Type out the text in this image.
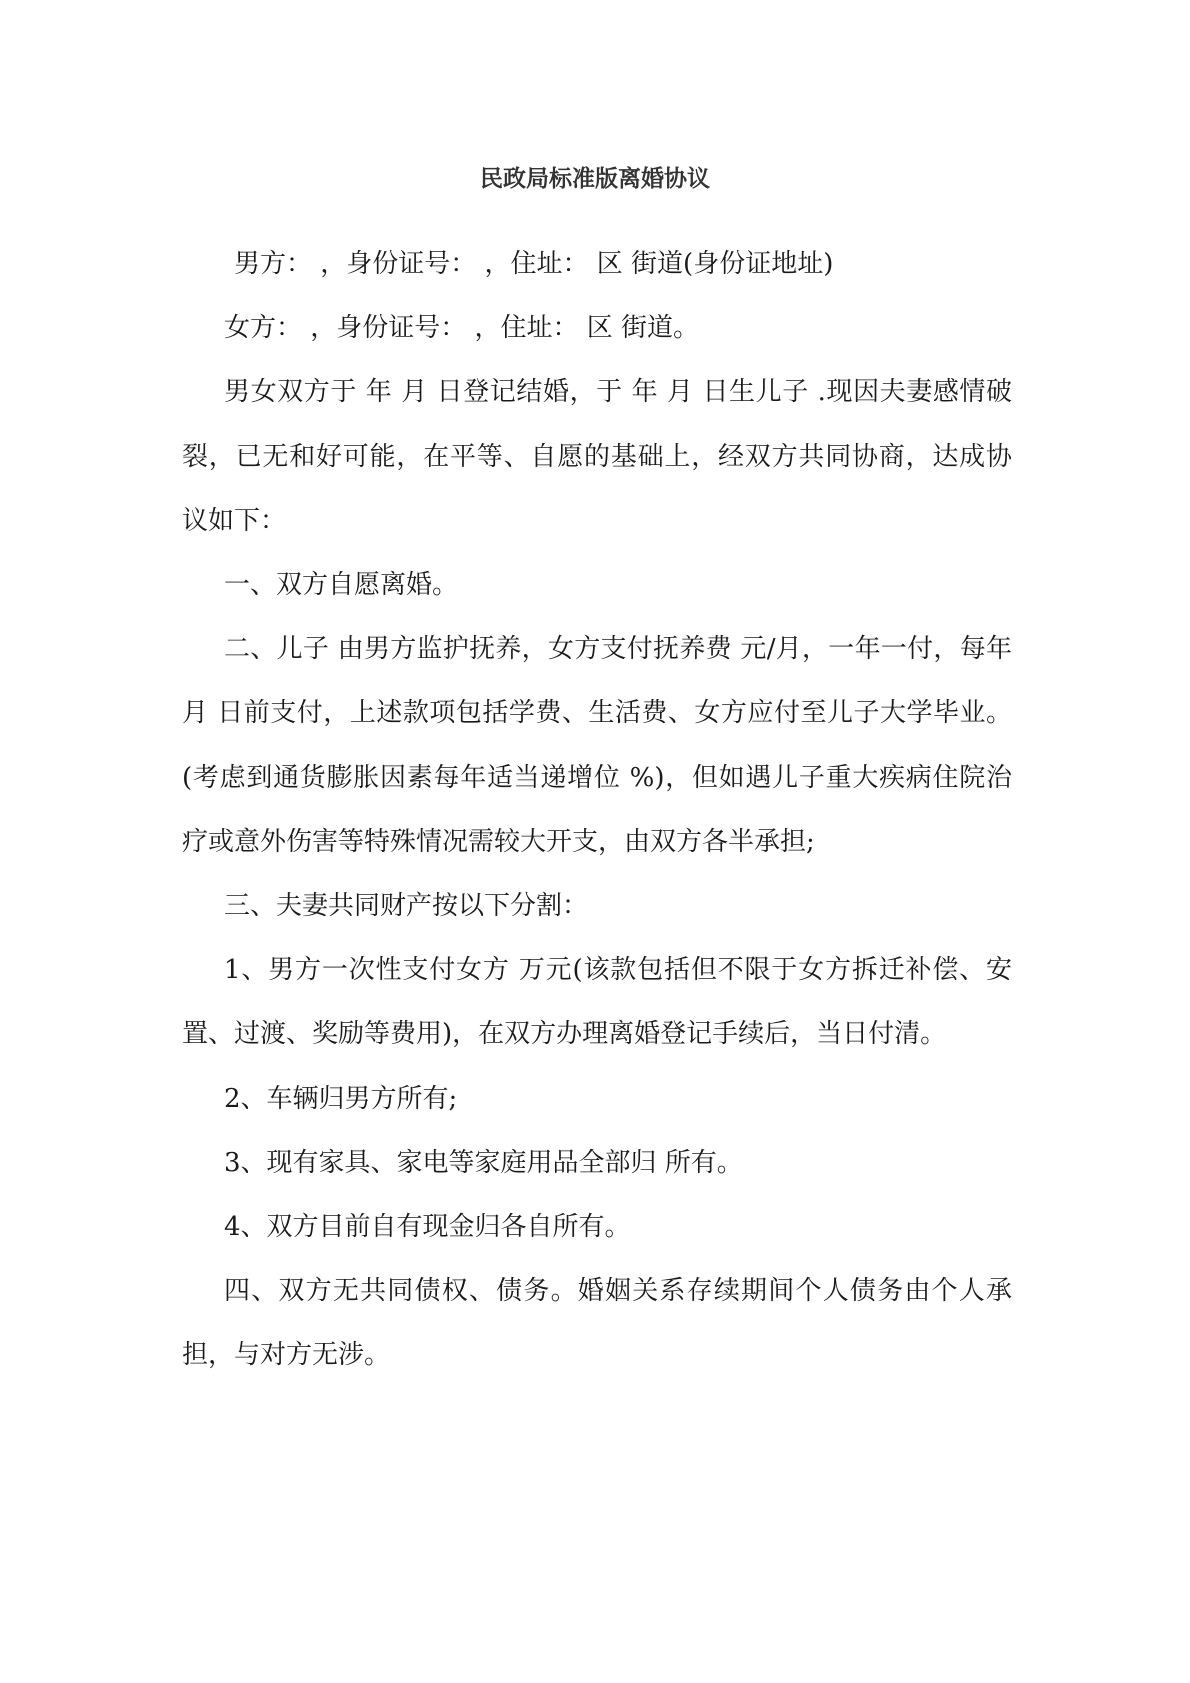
民政局标准版离婚协议

男方： ，身份证号： ，住址： 区 街道(身份证地址)

女方： ，身份证号： ，住址： 区 街道。

男女双方于 年 月 日登记结婚，于 年 月 日生儿子 .现因夫妻感情破裂，已无和好可能，在平等、自愿的基础上，经双方共同协商，达成协议如下：

一、双方自愿离婚。

二、儿子 由男方监护抚养，女方支付抚养费 元/月，一年一付，每年 月 日前支付，上述款项包括学费、生活费、女方应付至儿子大学毕业。(考虑到通货膨胀因素每年适当递增位 %)，但如遇儿子重大疾病住院治疗或意外伤害等特殊情况需较大开支，由双方各半承担;

三、夫妻共同财产按以下分割：

1、男方一次性支付女方 万元(该款包括但不限于女方拆迁补偿、安置、过渡、奖励等费用)，在双方办理离婚登记手续后，当日付清。

2、车辆归男方所有;

3、现有家具、家电等家庭用品全部归 所有。

4、双方目前自有现金归各自所有。

四、双方无共同债权、债务。婚姻关系存续期间个人债务由个人承担，与对方无涉。
